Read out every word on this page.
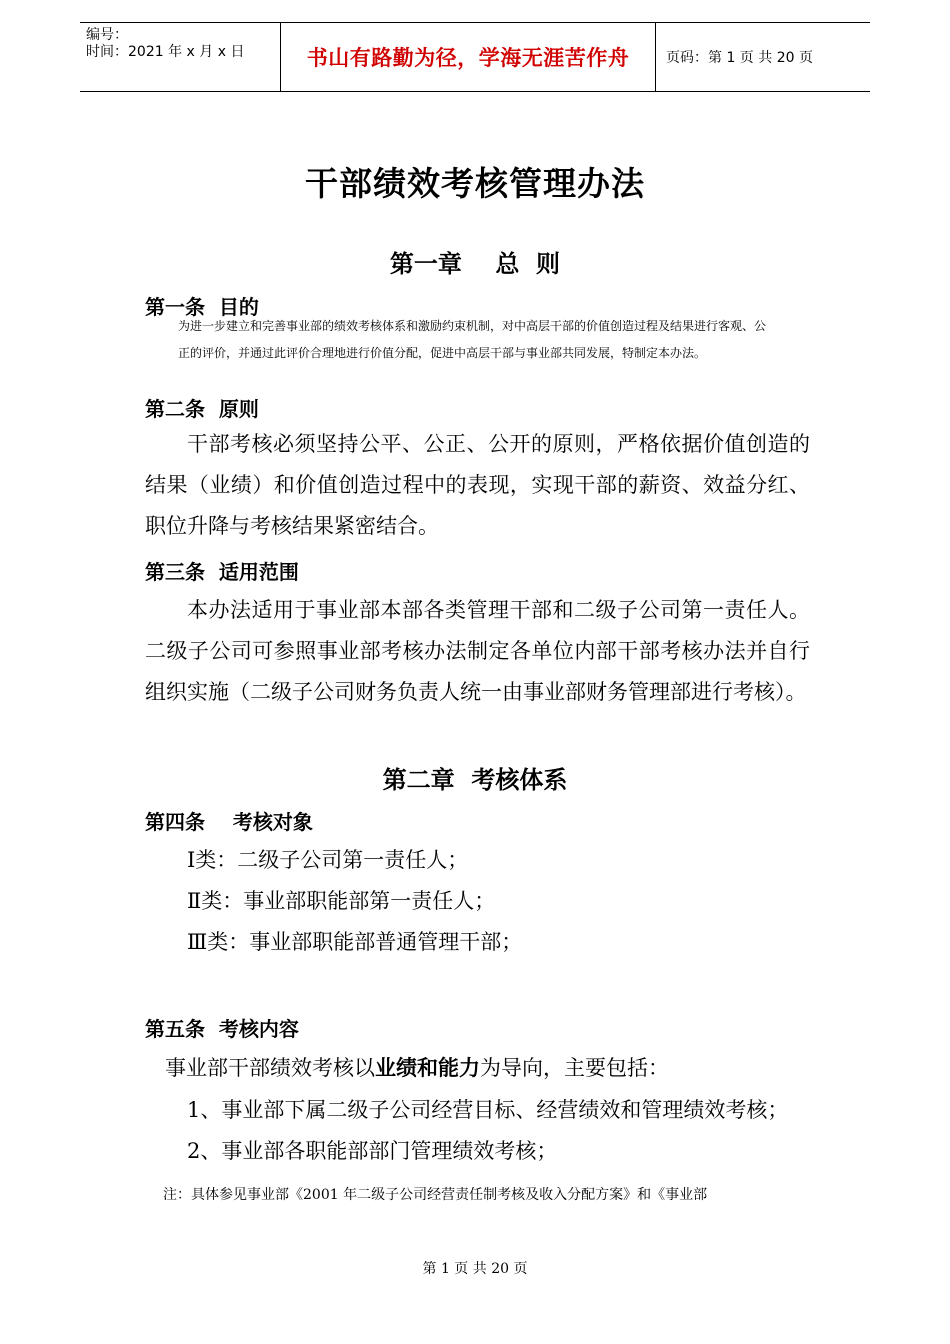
编号：
时间：2021 年 x 月 x 日	书山有路勤为径，学海无涯苦作舟	页码：第 1 页 共 20 页
干部绩效考核管理办法
第一章    总  则
第一条  目的
为进一步建立和完善事业部的绩效考核体系和激励约束机制，对中高层干部的价值创造过程及结果进行客观、公
正的评价，并通过此评价合理地进行价值分配，促进中高层干部与事业部共同发展，特制定本办法。
第二条  原则

干部考核必须坚持公平、公正、公开的原则，严格依据价值创造的结果（业绩）和价值创造过程中的表现，实现干部的薪资、效益分红、职位升降与考核结果紧密结合。

第三条  适用范围

本办法适用于事业部本部各类管理干部和二级子公司第一责任人。二级子公司可参照事业部考核办法制定各单位内部干部考核办法并自行组织实施（二级子公司财务负责人统一由事业部财务管理部进行考核）。

第二章  考核体系
第四条    考核对象
Ⅰ类：二级子公司第一责任人；
Ⅱ类：事业部职能部第一责任人；
Ⅲ类：事业部职能部普通管理干部；
第五条  考核内容
事业部干部绩效考核以业绩和能力为导向，主要包括：
1、事业部下属二级子公司经营目标、经营绩效和管理绩效考核；
2、事业部各职能部部门管理绩效考核；
注：具体参见事业部《2001 年二级子公司经营责任制考核及收入分配方案》和《事业部
第 1 页 共 20 页
